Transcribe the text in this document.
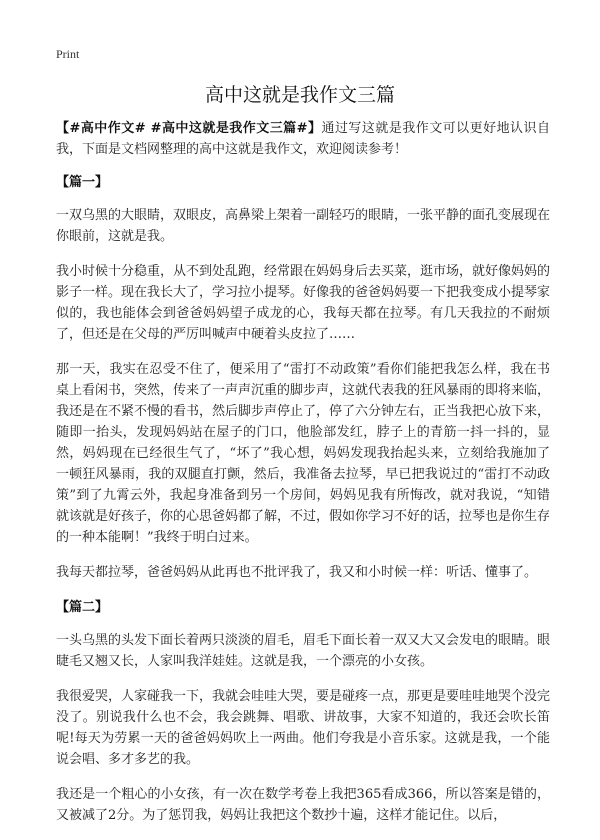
Print
高中这就是我作文三篇

【#高中作文# #高中这就是我作文三篇#】通过写这就是我作文可以更好地认识自我，下面是文档网整理的高中这就是我作文，欢迎阅读参考！

【篇一】

一双乌黑的大眼睛，双眼皮，高鼻梁上架着一副轻巧的眼睛，一张平静的面孔变展现在你眼前，这就是我。

我小时候十分稳重，从不到处乱跑，经常跟在妈妈身后去买菜，逛市场，就好像妈妈的影子一样。现在我长大了，学习拉小提琴。好像我的爸爸妈妈要一下把我变成小提琴家似的，我也能体会到爸爸妈妈望子成龙的心，我每天都在拉琴。有几天我拉的不耐烦了，但还是在父母的严厉叫喊声中硬着头皮拉了……

那一天，我实在忍受不住了，便采用了“雷打不动政策”看你们能把我怎么样，我在书桌上看闲书，突然，传来了一声声沉重的脚步声，这就代表我的狂风暴雨的即将来临，我还是在不紧不慢的看书，然后脚步声停止了，停了六分钟左右，正当我把心放下来，随即一抬头，发现妈妈站在屋子的门口，他脸部发红，脖子上的青筋一抖一抖的，显然，妈妈现在已经很生气了，“坏了”我心想，妈妈发现我抬起头来，立刻给我施加了一顿狂风暴雨，我的双腿直打颤，然后，我准备去拉琴，早已把我说过的“雷打不动政策”到了九霄云外，我起身准备到另一个房间，妈妈见我有所悔改，就对我说，“知错就该就是好孩子，你的心思爸妈都了解，不过，假如你学习不好的话，拉琴也是你生存的一种本能啊！”我终于明白过来。

我每天都拉琴，爸爸妈妈从此再也不批评我了，我又和小时候一样：听话、懂事了。

【篇二】

一头乌黑的头发下面长着两只淡淡的眉毛，眉毛下面长着一双又大又会发电的眼睛。眼睫毛又翘又长，人家叫我洋娃娃。这就是我，一个漂亮的小女孩。

我很爱哭，人家碰我一下，我就会哇哇大哭，要是碰疼一点，那更是要哇哇地哭个没完没了。别说我什么也不会，我会跳舞、唱歌、讲故事，大家不知道的，我还会吹长笛呢!每天为劳累一天的爸爸妈妈吹上一两曲。他们夸我是小音乐家。这就是我，一个能说会唱、多才多艺的我。

我还是一个粗心的小女孩，有一次在数学考卷上我把365看成366，所以答案是错的，又被减了2分。为了惩罚我，妈妈让我把这个数抄十遍，这样才能记住。以后，
